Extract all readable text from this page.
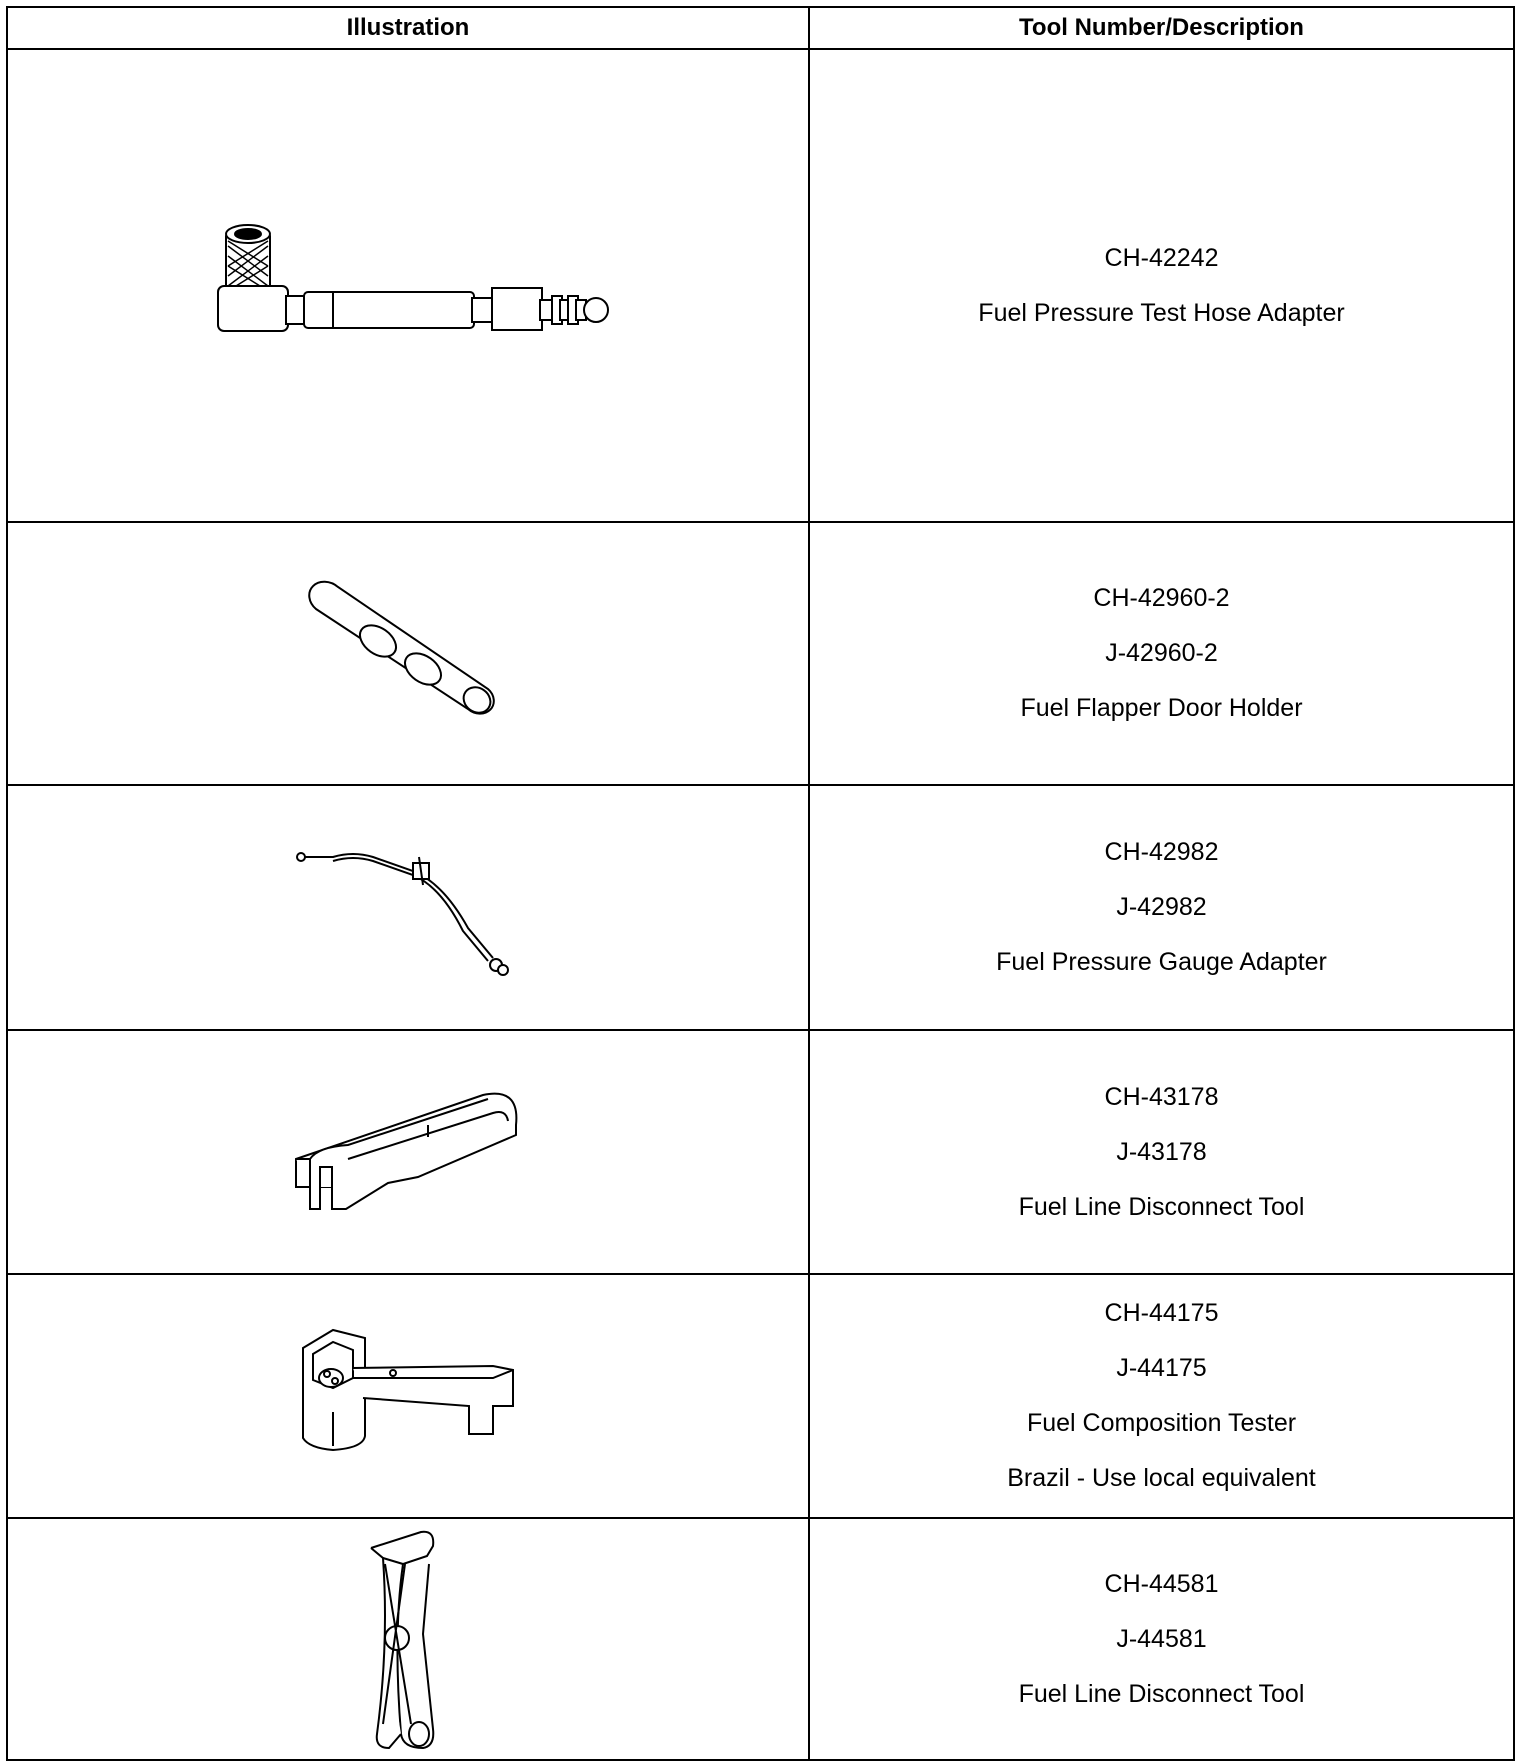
Illustration	Tool Number/Description

CH-42242
Fuel Pressure Test Hose Adapter

CH-42960-2
J-42960-2
Fuel Flapper Door Holder

CH-42982
J-42982
Fuel Pressure Gauge Adapter

CH-43178
J-43178
Fuel Line Disconnect Tool

CH-44175
J-44175
Fuel Composition Tester
Brazil - Use local equivalent

CH-44581
J-44581
Fuel Line Disconnect Tool
